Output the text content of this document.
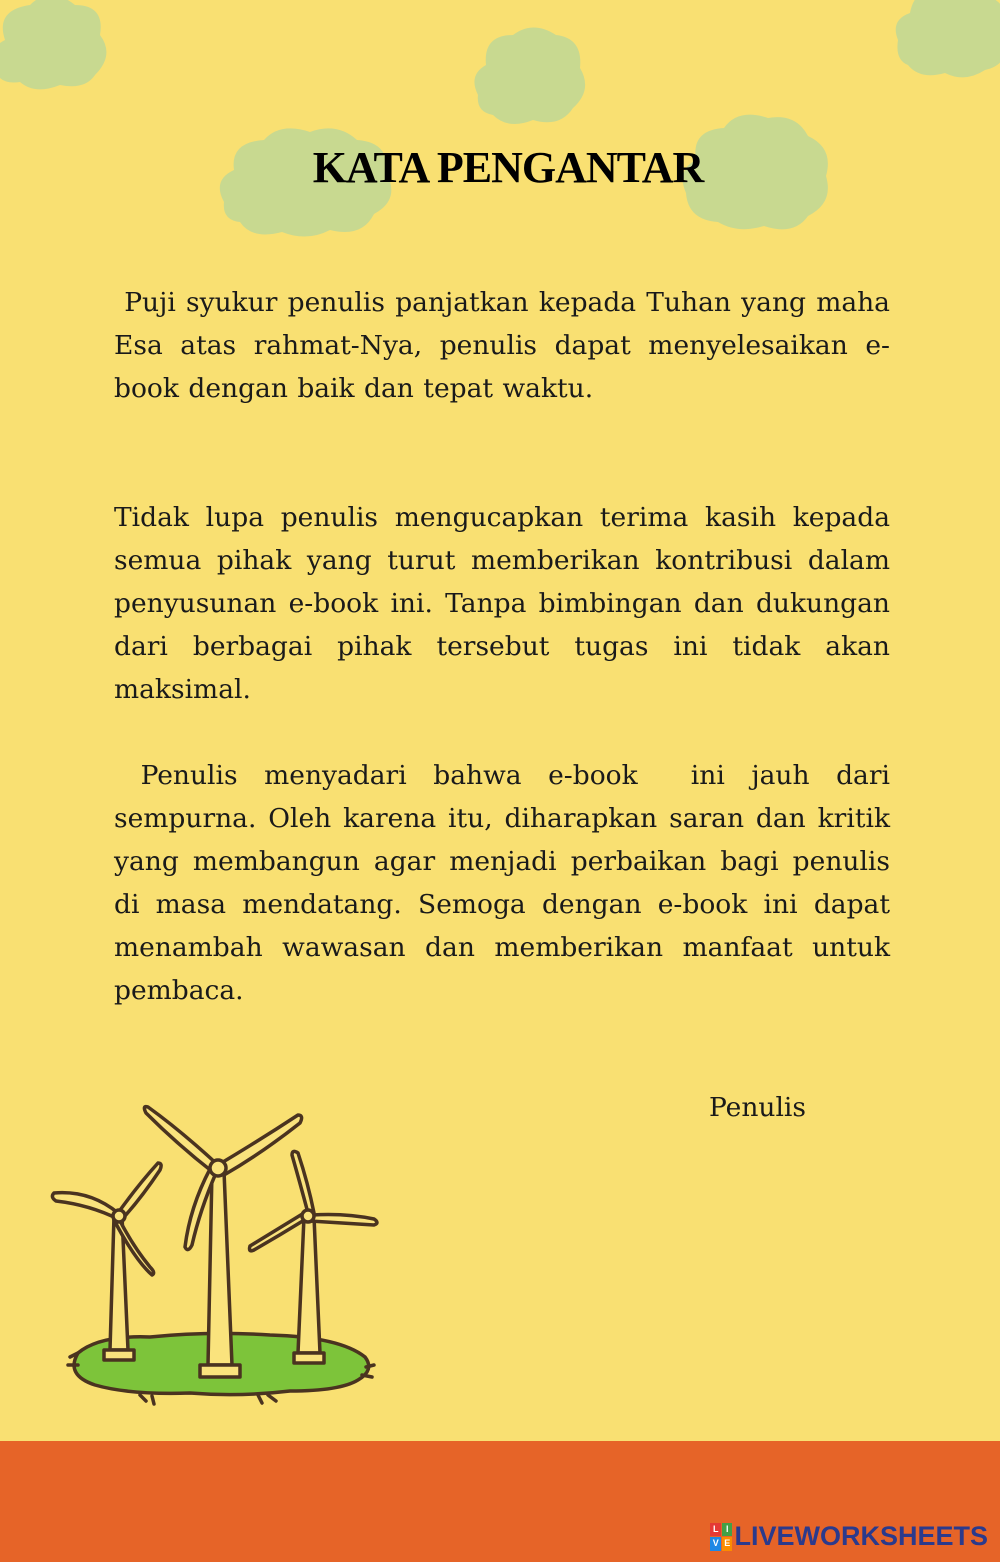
KATA PENGANTAR

Puji syukur penulis panjatkan kepada Tuhan yang maha Esa atas rahmat-Nya, penulis dapat menyelesaikan e-book dengan baik dan tepat waktu.

Tidak lupa penulis mengucapkan terima kasih kepada  semua pihak yang turut memberikan kontribusi dalam penyusunan e-book ini. Tanpa bimbingan dan dukungan dari berbagai pihak tersebut tugas ini tidak akan maksimal.

Penulis menyadari bahwa e-book  ini jauh dari sempurna. Oleh karena itu, diharapkan saran dan kritik yang membangun agar menjadi perbaikan bagi penulis di masa mendatang. Semoga dengan e-book ini dapat menambah wawasan dan memberikan manfaat untuk pembaca.

Penulis

L I
V E LIVEWORKSHEETS
